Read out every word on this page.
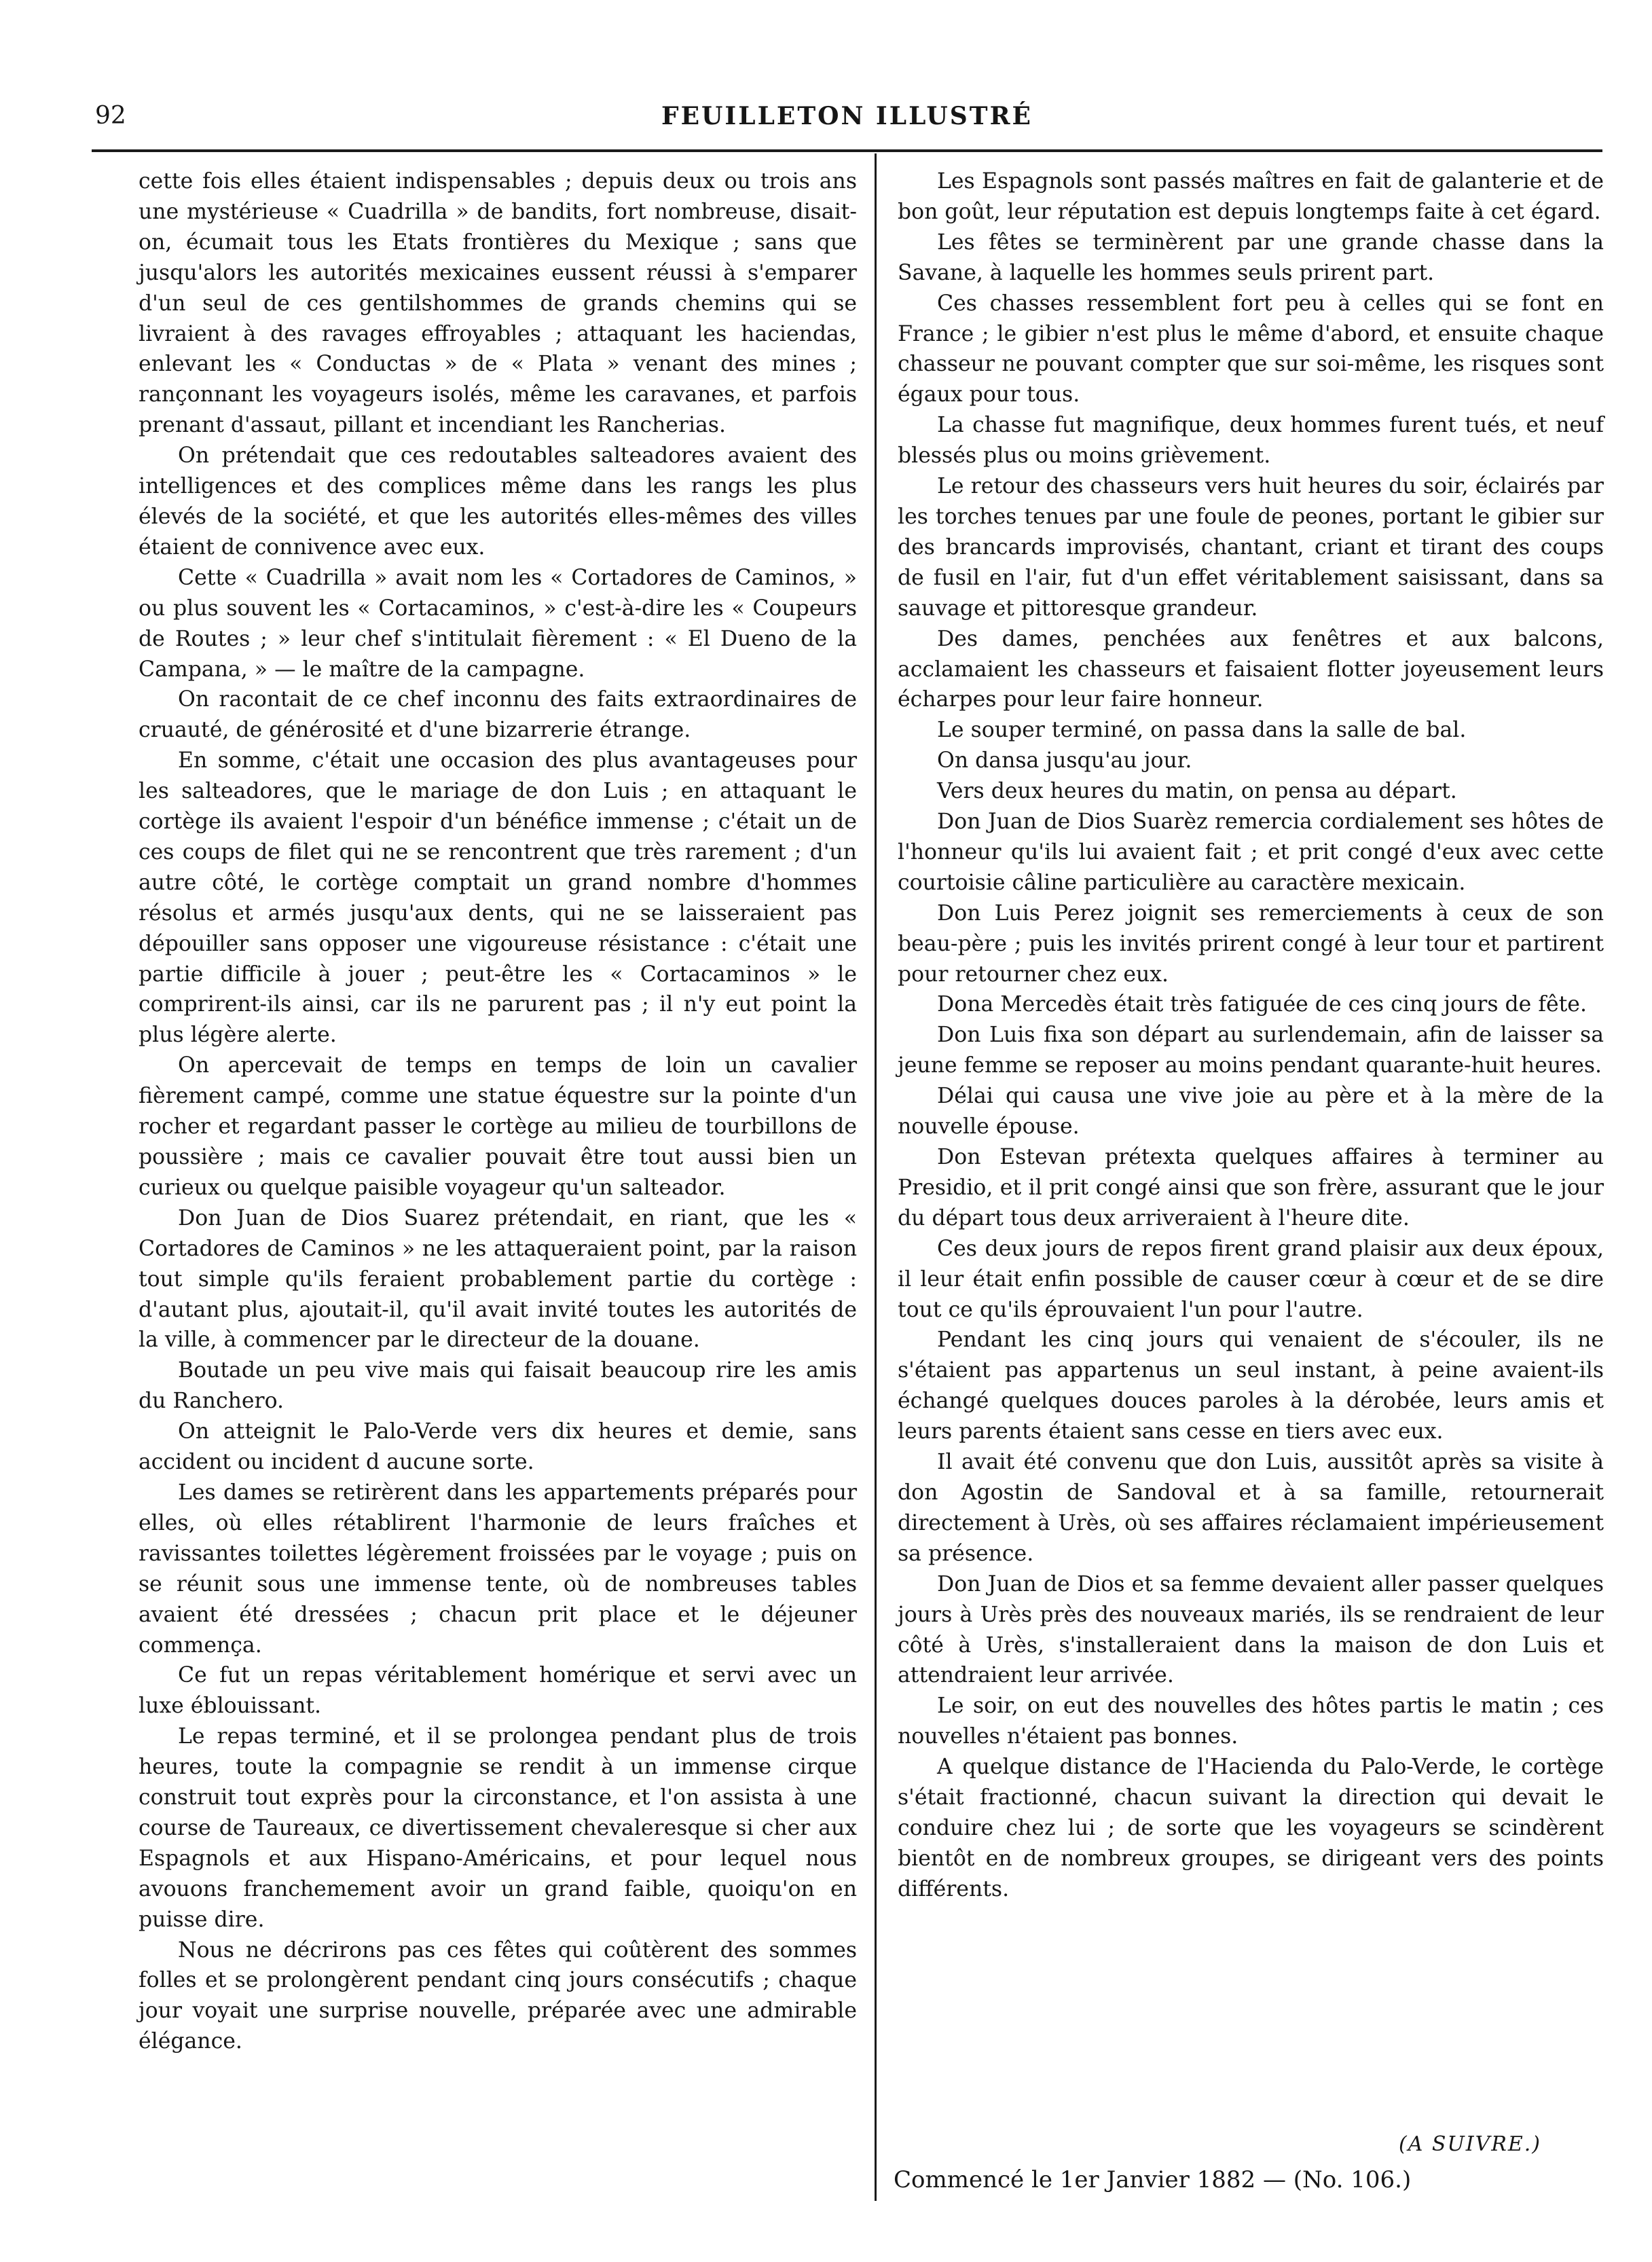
92	FEUILLETON ILLUSTRÉ

cette fois elles étaient indispensables ; depuis deux ou trois ans une mystérieuse « Cuadrilla » de bandits, fort nombreuse, disait-on, écumait tous les Etats frontières du Mexique ; sans que jusqu'alors les autorités mexicaines eussent réussi à s'emparer d'un seul de ces gentilshommes de grands chemins qui se livraient à des ravages effroyables ; attaquant les haciendas, enlevant les « Conductas » de « Plata » venant des mines ; rançonnant les voyageurs isolés, même les caravanes, et parfois prenant d'assaut, pillant et incendiant les Rancherias.

On prétendait que ces redoutables salteadores avaient des intelligences et des complices même dans les rangs les plus élevés de la société, et que les autorités elles-mêmes des villes étaient de connivence avec eux.

Cette « Cuadrilla » avait nom les « Cortadores de Caminos, » ou plus souvent les « Cortacaminos, » c'est-à-dire les « Coupeurs de Routes ; » leur chef s'intitulait fièrement : « El Dueno de la Campana, » — le maître de la campagne.

On racontait de ce chef inconnu des faits extraordinaires de cruauté, de générosité et d'une bizarrerie étrange.

En somme, c'était une occasion des plus avantageuses pour les salteadores, que le mariage de don Luis ; en attaquant le cortège ils avaient l'espoir d'un bénéfice immense ; c'était un de ces coups de filet qui ne se rencontrent que très rarement ; d'un autre côté, le cortège comptait un grand nombre d'hommes résolus et armés jusqu'aux dents, qui ne se laisseraient pas dépouiller sans opposer une vigoureuse résistance : c'était une partie difficile à jouer ; peut-être les « Cortacaminos » le comprirent-ils ainsi, car ils ne parurent pas ; il n'y eut point la plus légère alerte.

On apercevait de temps en temps de loin un cavalier fièrement campé, comme une statue équestre sur la pointe d'un rocher et regardant passer le cortège au milieu de tourbillons de poussière ; mais ce cavalier pouvait être tout aussi bien un curieux ou quelque paisible voyageur qu'un salteador.

Don Juan de Dios Suarez prétendait, en riant, que les « Cortadores de Caminos » ne les attaqueraient point, par la raison tout simple qu'ils feraient probablement partie du cortège : d'autant plus, ajoutait-il, qu'il avait invité toutes les autorités de la ville, à commencer par le directeur de la douane.

Boutade un peu vive mais qui faisait beaucoup rire les amis du Ranchero.

On atteignit le Palo-Verde vers dix heures et demie, sans accident ou incident d aucune sorte.

Les dames se retirèrent dans les appartements préparés pour elles, où elles rétablirent l'harmonie de leurs fraîches et ravissantes toilettes légèrement froissées par le voyage ; puis on se réunit sous une immense tente, où de nombreuses tables avaient été dressées ; chacun prit place et le déjeuner commença.

Ce fut un repas véritablement homérique et servi avec un luxe éblouissant.

Le repas terminé, et il se prolongea pendant plus de trois heures, toute la compagnie se rendit à un immense cirque construit tout exprès pour la circonstance, et l'on assista à une course de Taureaux, ce divertissement chevaleresque si cher aux Espagnols et aux Hispano-Américains, et pour lequel nous avouons franchemement avoir un grand faible, quoiqu'on en puisse dire.

Nous ne décrirons pas ces fêtes qui coûtèrent des sommes folles et se prolongèrent pendant cinq jours consécutifs ; chaque jour voyait une surprise nouvelle, préparée avec une admirable élégance.

Les Espagnols sont passés maîtres en fait de galanterie et de bon goût, leur réputation est depuis longtemps faite à cet égard.

Les fêtes se terminèrent par une grande chasse dans la Savane, à laquelle les hommes seuls prirent part.

Ces chasses ressemblent fort peu à celles qui se font en France ; le gibier n'est plus le même d'abord, et ensuite chaque chasseur ne pouvant compter que sur soi-même, les risques sont égaux pour tous.

La chasse fut magnifique, deux hommes furent tués, et neuf blessés plus ou moins grièvement.

Le retour des chasseurs vers huit heures du soir, éclairés par les torches tenues par une foule de peones, portant le gibier sur des brancards improvisés, chantant, criant et tirant des coups de fusil en l'air, fut d'un effet véritablement saisissant, dans sa sauvage et pittoresque grandeur.

Des dames, penchées aux fenêtres et aux balcons, acclamaient les chasseurs et faisaient flotter joyeusement leurs écharpes pour leur faire honneur.

Le souper terminé, on passa dans la salle de bal.

On dansa jusqu'au jour.

Vers deux heures du matin, on pensa au départ.

Don Juan de Dios Suarèz remercia cordialement ses hôtes de l'honneur qu'ils lui avaient fait ; et prit congé d'eux avec cette courtoisie câline particulière au caractère mexicain.

Don Luis Perez joignit ses remerciements à ceux de son beau-père ; puis les invités prirent congé à leur tour et partirent pour retourner chez eux.

Dona Mercedès était très fatiguée de ces cinq jours de fête.

Don Luis fixa son départ au surlendemain, afin de laisser sa jeune femme se reposer au moins pendant quarante-huit heures.

Délai qui causa une vive joie au père et à la mère de la nouvelle épouse.

Don Estevan prétexta quelques affaires à terminer au Presidio, et il prit congé ainsi que son frère, assurant que le jour du départ tous deux arriveraient à l'heure dite.

Ces deux jours de repos firent grand plaisir aux deux époux, il leur était enfin possible de causer cœur à cœur et de se dire tout ce qu'ils éprouvaient l'un pour l'autre.

Pendant les cinq jours qui venaient de s'écouler, ils ne s'étaient pas appartenus un seul instant, à peine avaient-ils échangé quelques douces paroles à la dérobée, leurs amis et leurs parents étaient sans cesse en tiers avec eux.

Il avait été convenu que don Luis, aussitôt après sa visite à don Agostin de Sandoval et à sa famille, retournerait directement à Urès, où ses affaires réclamaient impérieusement sa présence.

Don Juan de Dios et sa femme devaient aller passer quelques jours à Urès près des nouveaux mariés, ils se rendraient de leur côté à Urès, s'installeraient dans la maison de don Luis et attendraient leur arrivée.

Le soir, on eut des nouvelles des hôtes partis le matin ; ces nouvelles n'étaient pas bonnes.

A quelque distance de l'Hacienda du Palo-Verde, le cortège s'était fractionné, chacun suivant la direction qui devait le conduire chez lui ; de sorte que les voyageurs se scindèrent bientôt en de nombreux groupes, se dirigeant vers des points différents.

(A SUIVRE.)
Commencé le 1er Janvier 1882 — (No. 106.)
